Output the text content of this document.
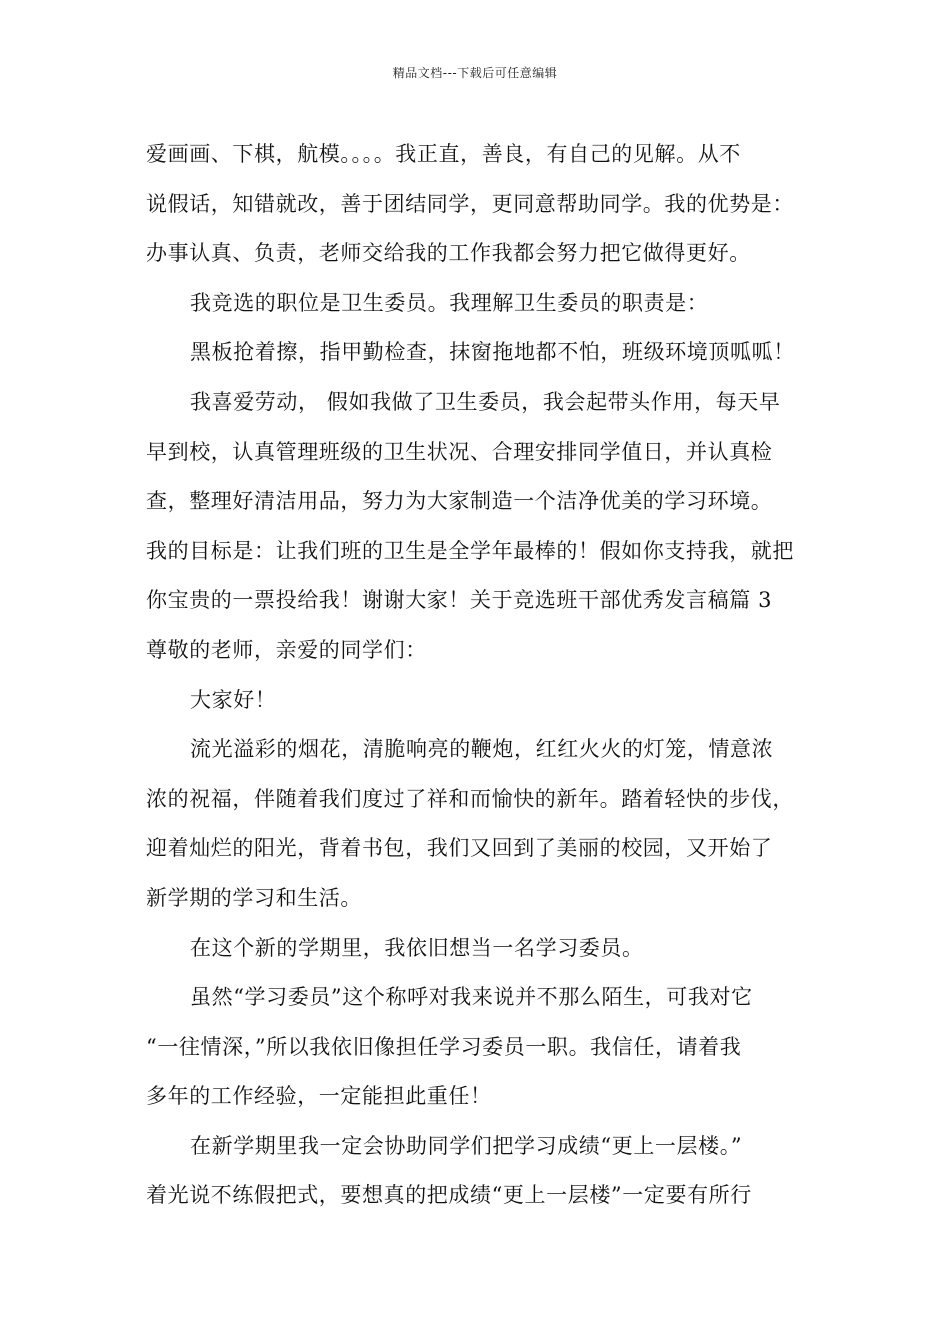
精品文档---下载后可任意编辑
爱画画、下棋，航模。。。。我正直，善良，有自己的见解。从不
说假话，知错就改，善于团结同学，更同意帮助同学。我的优势是：
办事认真、负责，老师交给我的工作我都会努力把它做得更好。
我竞选的职位是卫生委员。我理解卫生委员的职责是：
黑板抢着擦，指甲勤检查，抹窗拖地都不怕，班级环境顶呱呱！
我喜爱劳动， 假如我做了卫生委员，我会起带头作用，每天早
早到校，认真管理班级的卫生状况、合理安排同学值日，并认真检
查，整理好清洁用品，努力为大家制造一个洁净优美的学习环境。
我的目标是：让我们班的卫生是全学年最棒的！假如你支持我，就把
你宝贵的一票投给我！谢谢大家！关于竞选班干部优秀发言稿篇 3
尊敬的老师，亲爱的同学们：
大家好！
流光溢彩的烟花，清脆响亮的鞭炮，红红火火的灯笼，情意浓
浓的祝福，伴随着我们度过了祥和而愉快的新年。踏着轻快的步伐，
迎着灿烂的阳光，背着书包，我们又回到了美丽的校园，又开始了
新学期的学习和生活。
在这个新的学期里，我依旧想当一名学习委员。
虽然“学习委员”这个称呼对我来说并不那么陌生，可我对它
“一往情深，”所以我依旧像担任学习委员一职。我信任，请着我
多年的工作经验，一定能担此重任！
在新学期里我一定会协助同学们把学习成绩“更上一层楼。”
着光说不练假把式，要想真的把成绩“更上一层楼”一定要有所行
